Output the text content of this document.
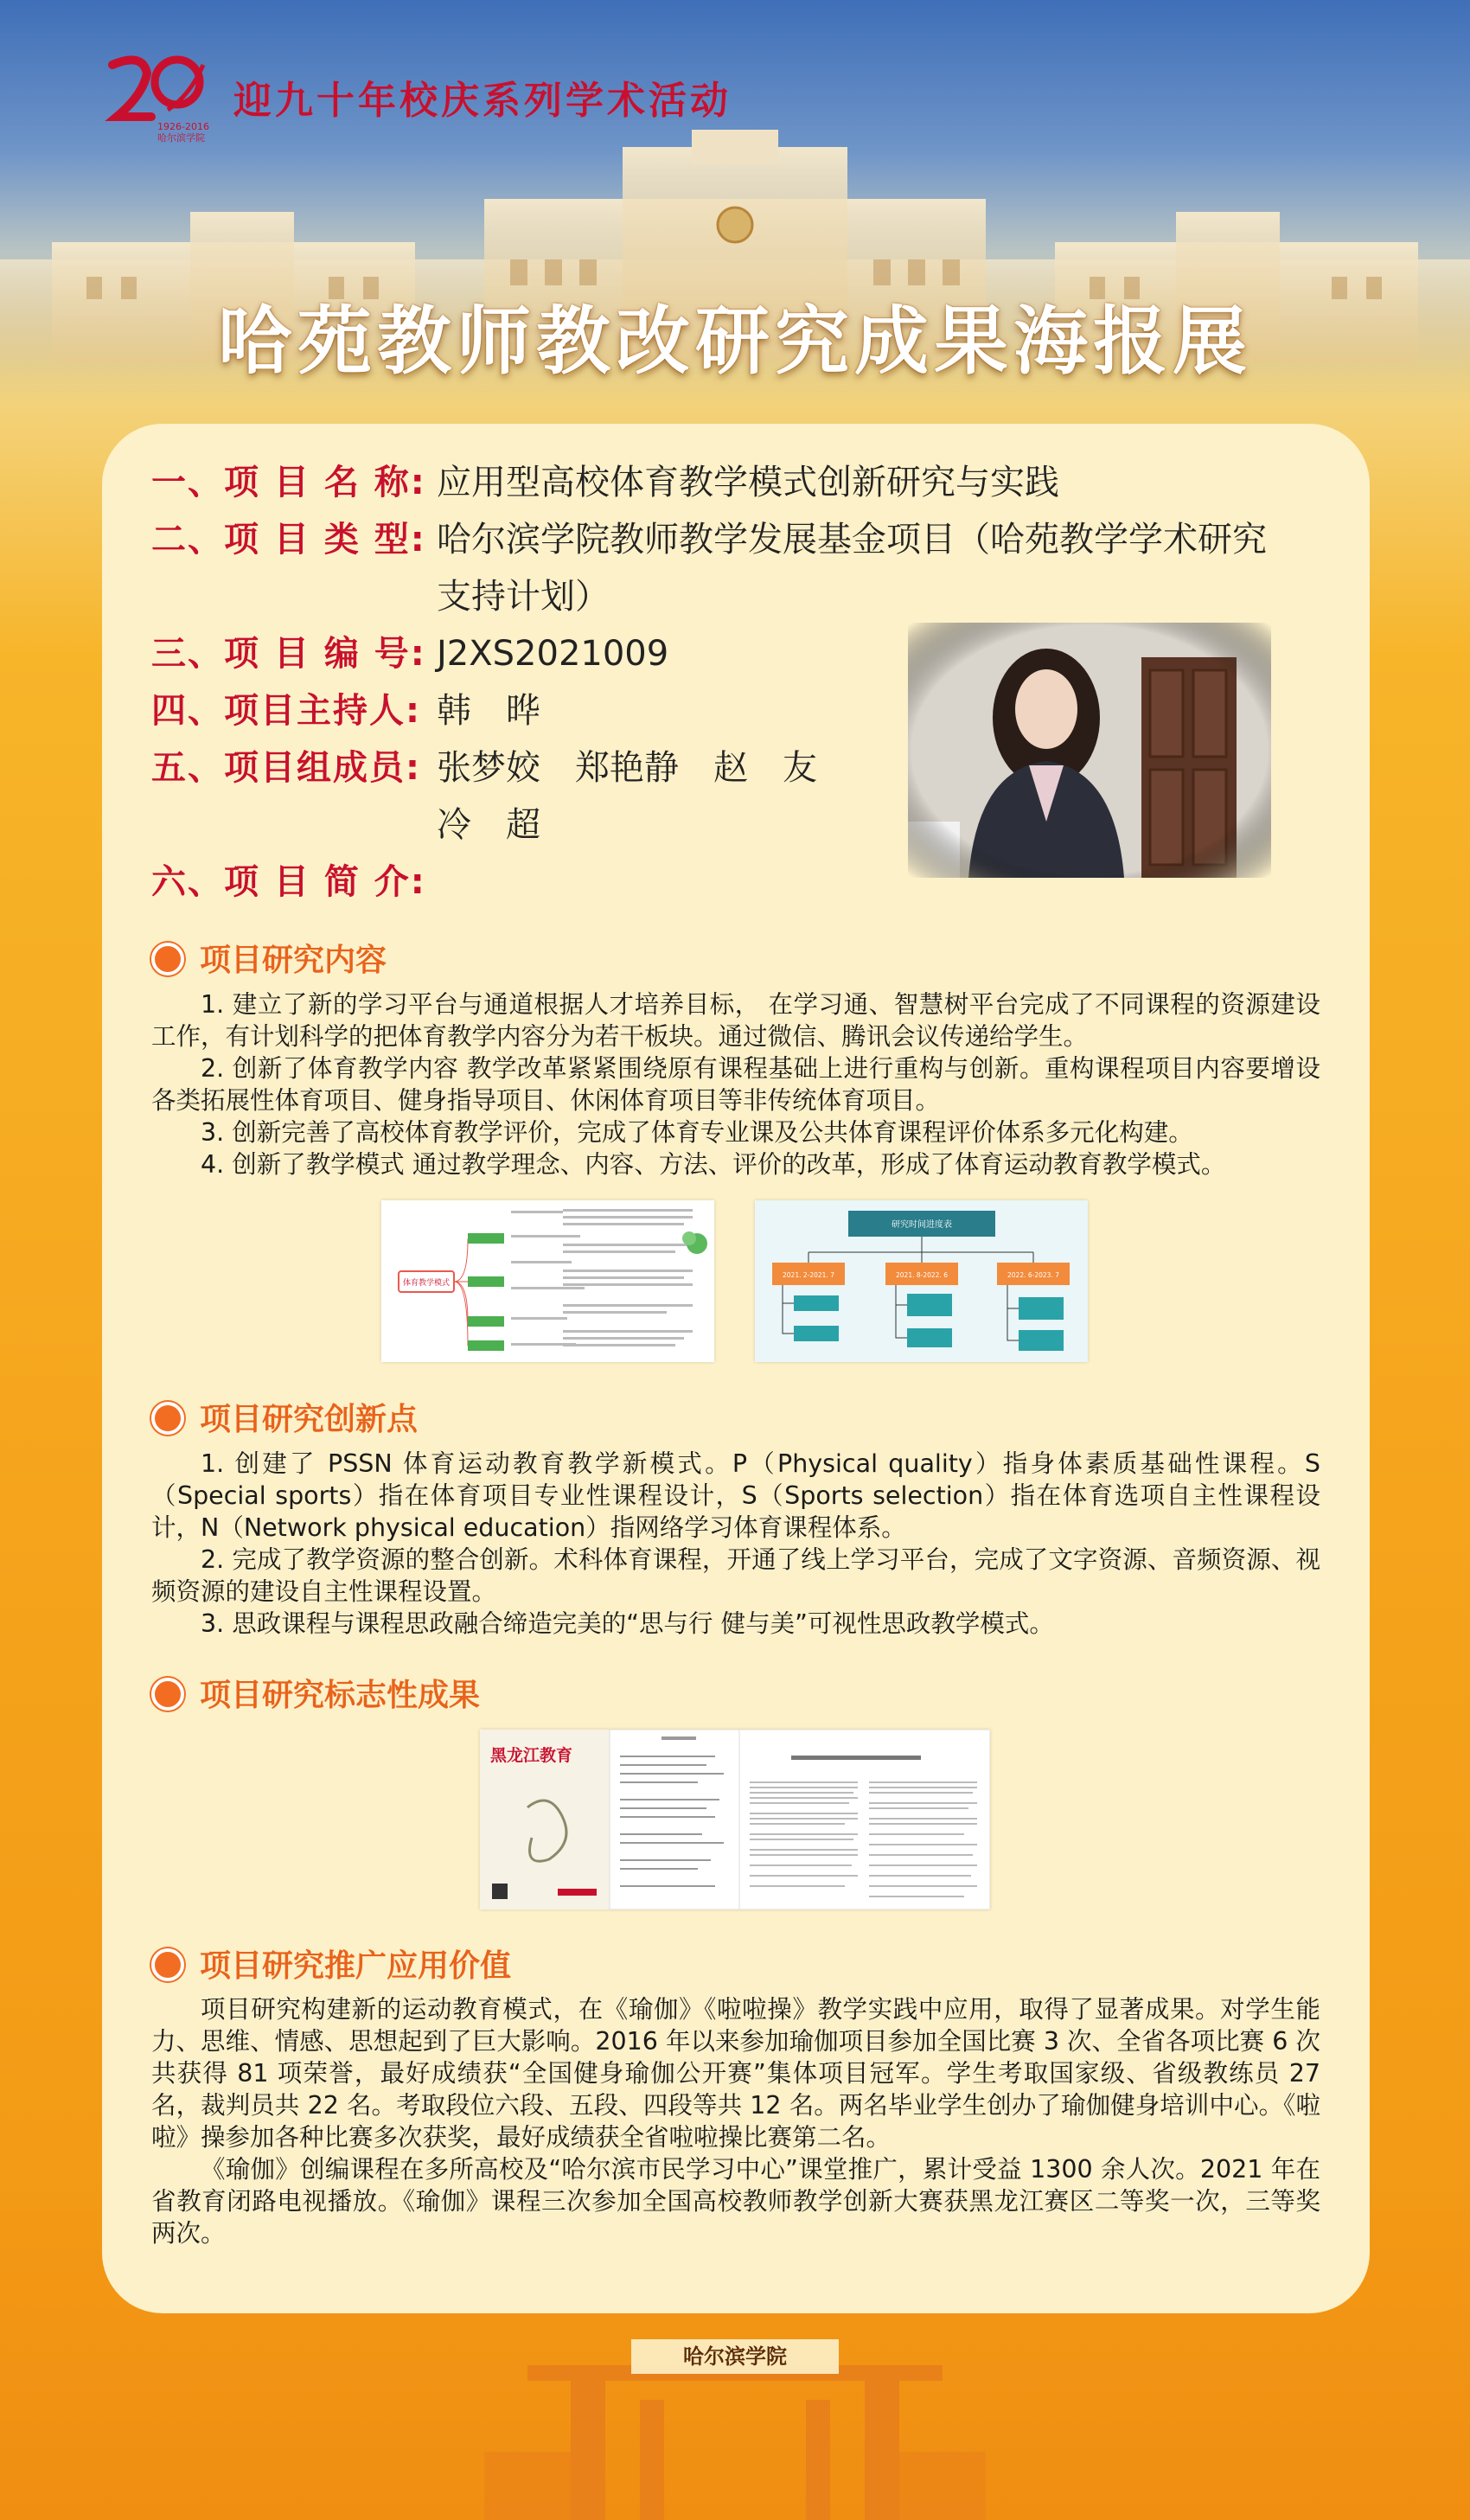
1926-2016
哈尔滨学院
迎九十年校庆系列学术活动
哈苑教师教改研究成果海报展
一、项 目 名 称: 应用型高校体育教学模式创新研究与实践
二、项 目 类 型: 哈尔滨学院教师教学发展基金项目（哈苑教学学术研究
支持计划）
三、项 目 编 号: J2XS2021009
四、项目主持人: 韩　晔
五、项目组成员: 张梦姣　郑艳静　赵　友
冷　超
六、项 目 简 介:
项目研究内容

1. 建立了新的学习平台与通道根据人才培养目标， 在学习通、智慧树平台完成了不同课程的资源建设工作，有计划科学的把体育教学内容分为若干板块。通过微信、腾讯会议传递给学生。

2. 创新了体育教学内容 教学改革紧紧围绕原有课程基础上进行重构与创新。重构课程项目内容要增设各类拓展性体育项目、健身指导项目、休闲体育项目等非传统体育项目。

3. 创新完善了高校体育教学评价，完成了体育专业课及公共体育课程评价体系多元化构建。

4. 创新了教学模式 通过教学理念、内容、方法、评价的改革，形成了体育运动教育教学模式。

体育教学模式
研究时间进度表
2021. 2-2021. 7	2021. 8-2022. 6	2022. 6-2023. 7
项目研究创新点

1. 创建了 PSSN 体育运动教育教学新模式。P（Physical quality）指身体素质基础性课程。S（Special sports）指在体育项目专业性课程设计，S（Sports selection）指在体育选项自主性课程设计，N（Network physical education）指网络学习体育课程体系。

2. 完成了教学资源的整合创新。术科体育课程，开通了线上学习平台，完成了文字资源、音频资源、视频资源的建设自主性课程设置。

3. 思政课程与课程思政融合缔造完美的“思与行 健与美”可视性思政教学模式。

项目研究标志性成果
黑龙江教育
项目研究推广应用价值

项目研究构建新的运动教育模式，在《瑜伽》《啦啦操》教学实践中应用，取得了显著成果。对学生能力、思维、情感、思想起到了巨大影响。2016 年以来参加瑜伽项目参加全国比赛 3 次、全省各项比赛 6 次共获得 81 项荣誉，最好成绩获“全国健身瑜伽公开赛”集体项目冠军。学生考取国家级、省级教练员 27 名，裁判员共 22 名。考取段位六段、五段、四段等共 12 名。两名毕业学生创办了瑜伽健身培训中心。《啦啦》操参加各种比赛多次获奖，最好成绩获全省啦啦操比赛第二名。

《瑜伽》创编课程在多所高校及“哈尔滨市民学习中心”课堂推广，累计受益 1300 余人次。2021 年在省教育闭路电视播放。《瑜伽》课程三次参加全国高校教师教学创新大赛获黑龙江赛区二等奖一次，三等奖两次。

哈尔滨学院
